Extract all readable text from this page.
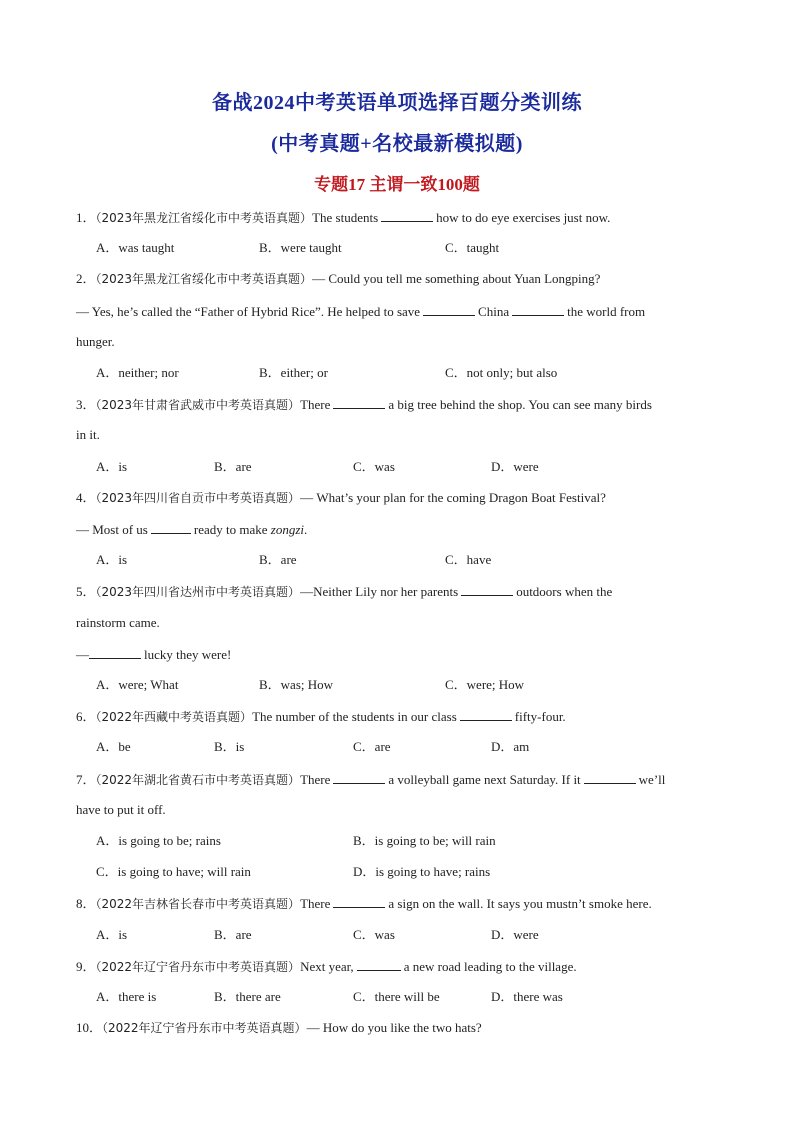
备战2024中考英语单项选择百题分类训练
(中考真题+名校最新模拟题)
专题17 主谓一致100题
1．（2023年黑龙江省绥化市中考英语真题）The students	how to do eye exercises just now.
A．was taught	B．were taught	C．taught
2．（2023年黑龙江省绥化市中考英语真题）— Could you tell me something about Yuan Longping?
— Yes, he’s called the “Father of Hybrid Rice”. He helped to save	China	the world from
hunger.
A．neither; nor	B．either; or	C．not only; but also
3．（2023年甘肃省武威市中考英语真题）There	a big tree behind the shop. You can see many birds
in it.
A．is	B．are	C．was	D．were
4．（2023年四川省自贡市中考英语真题）— What’s your plan for the coming Dragon Boat Festival?
— Most of us	ready to make zongzi.
A．is	B．are	C．have
5．（2023年四川省达州市中考英语真题）—Neither Lily nor her parents	outdoors when the
rainstorm came.
—	lucky they were!
A．were; What	B．was; How	C．were; How
6．（2022年西藏中考英语真题）The number of the students in our class	fifty-four.
A．be	B．is	C．are	D．am
7．（2022年湖北省黄石市中考英语真题）There	a volleyball game next Saturday. If it	we’ll
have to put it off.
A．is going to be; rains	B．is going to be; will rain
C．is going to have; will rain	D．is going to have; rains
8．（2022年吉林省长春市中考英语真题）There	a sign on the wall. It says you mustn’t smoke here.
A．is	B．are	C．was	D．were
9．（2022年辽宁省丹东市中考英语真题）Next year,	a new road leading to the village.
A．there is	B．there are	C．there will be	D．there was
10．（2022年辽宁省丹东市中考英语真题）— How do you like the two hats?
